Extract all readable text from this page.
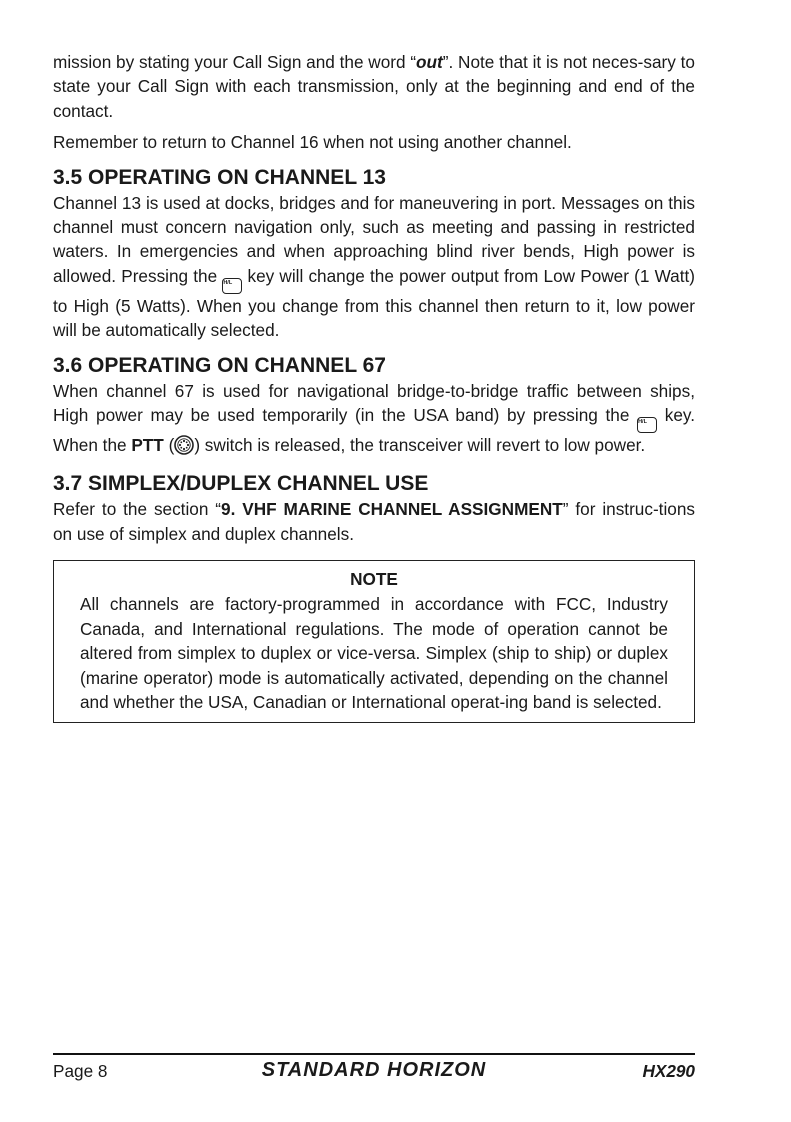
mission by stating your Call Sign and the word “out”. Note that it is not neces-sary to state your Call Sign with each transmission, only at the beginning and end of the contact.

Remember to return to Channel 16 when not using another channel.

3.5 OPERATING ON CHANNEL 13

Channel 13 is used at docks, bridges and for maneuvering in port. Messages on this channel must concern navigation only, such as meeting and passing in restricted waters. In emergencies and when approaching blind river bends, High power is allowed. Pressing the H/L key will change the power output from Low Power (1 Watt) to High (5 Watts). When you change from this channel then return to it, low power will be automatically selected.

3.6 OPERATING ON CHANNEL 67

When channel 67 is used for navigational bridge-to-bridge traffic between ships, High power may be used temporarily (in the USA band) by pressing the H/L key. When the PTT ( ) switch is released, the transceiver will revert to low power.

3.7 SIMPLEX/DUPLEX CHANNEL USE

Refer to the section “9. VHF MARINE CHANNEL ASSIGNMENT” for instruc-tions on use of simplex and duplex channels.

NOTE

All channels are factory-programmed in accordance with FCC, Industry Canada, and International regulations. The mode of operation cannot be altered from simplex to duplex or vice-versa. Simplex (ship to ship) or duplex (marine operator) mode is automatically activated, depending on the channel and whether the USA, Canadian or International operat-ing band is selected.

Page 8	STANDARD HORIZON	HX290
